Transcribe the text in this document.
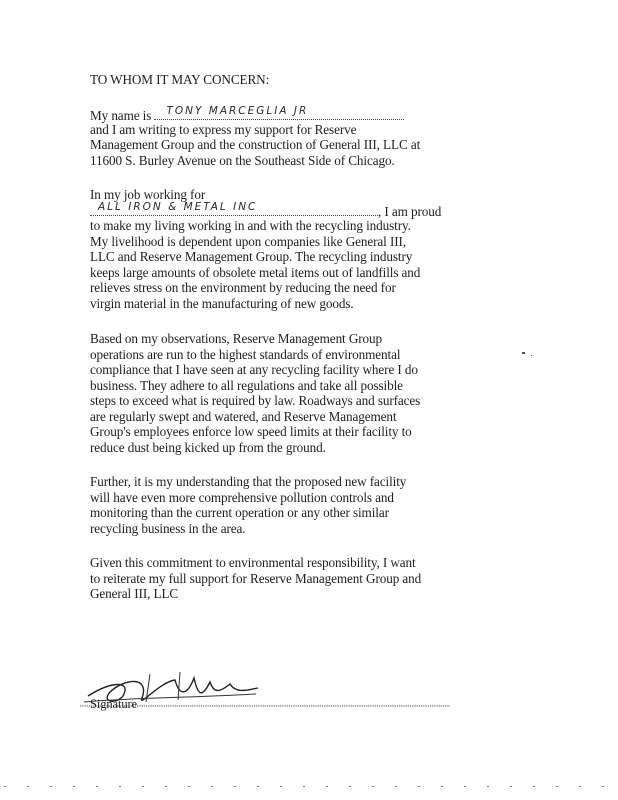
TO WHOM IT MAY CONCERN:
My name is TONY MARCEGLIA JR
and I am writing to express my support for Reserve
Management Group and the construction of General III, LLC at
11600 S. Burley Avenue on the Southeast Side of Chicago.
In my job working for
ALL IRON & METAL INC	, I am proud
to make my living working in and with the recycling industry.
My livelihood is dependent upon companies like General III,
LLC and Reserve Management Group. The recycling industry
keeps large amounts of obsolete metal items out of landfills and
relieves stress on the environment by reducing the need for
virgin material in the manufacturing of new goods.
Based on my observations, Reserve Management Group
operations are run to the highest standards of environmental
compliance that I have seen at any recycling facility where I do
business. They adhere to all regulations and take all possible
steps to exceed what is required by law. Roadways and surfaces
are regularly swept and watered, and Reserve Management
Group's employees enforce low speed limits at their facility to
reduce dust being kicked up from the ground.
Further, it is my understanding that the proposed new facility
will have even more comprehensive pollution controls and
monitoring than the current operation or any other similar
recycling business in the area.
Given this commitment to environmental responsibility, I want
to reiterate my full support for Reserve Management Group and
General III, LLC
Signature
